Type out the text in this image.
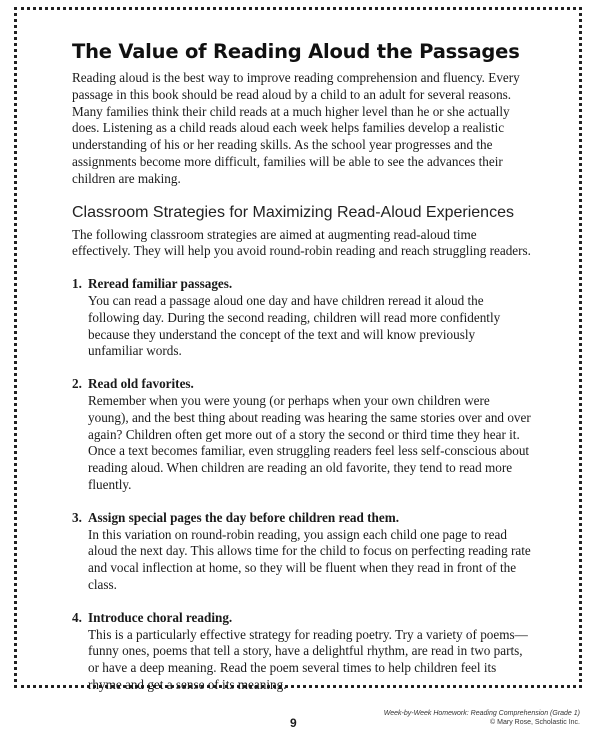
The Value of Reading Aloud the Passages

Reading aloud is the best way to improve reading comprehension and fluency. Every passage in this book should be read aloud by a child to an adult for several reasons. Many families think their child reads at a much higher level than he or she actually does. Listening as a child reads aloud each week helps families develop a realistic understanding of his or her reading skills. As the school year progresses and the assignments become more difficult, families will be able to see the advances their children are making.

Classroom Strategies for Maximizing Read-Aloud Experiences

The following classroom strategies are aimed at augmenting read-aloud time effectively. They will help you avoid round-robin reading and reach struggling readers.

1. Reread familiar passages.

You can read a passage aloud one day and have children reread it aloud the following day. During the second reading, children will read more confidently because they understand the concept of the text and will know previously unfamiliar words.

2. Read old favorites.

Remember when you were young (or perhaps when your own children were young), and the best thing about reading was hearing the same stories over and over again? Children often get more out of a story the second or third time they hear it. Once a text becomes familiar, even struggling readers feel less self-conscious about reading aloud. When children are reading an old favorite, they tend to read more fluently.

3. Assign special pages the day before children read them.

In this variation on round-robin reading, you assign each child one page to read aloud the next day. This allows time for the child to focus on perfecting reading rate and vocal inflection at home, so they will be fluent when they read in front of the class.

4. Introduce choral reading.

This is a particularly effective strategy for reading poetry. Try a variety of poems—funny ones, poems that tell a story, have a delightful rhythm, are read in two parts, or have a deep meaning. Read the poem several times to help children feel its rhyme and get a sense of its meaning.

9
Week-by-Week Homework: Reading Comprehension (Grade 1)
© Mary Rose, Scholastic Inc.
